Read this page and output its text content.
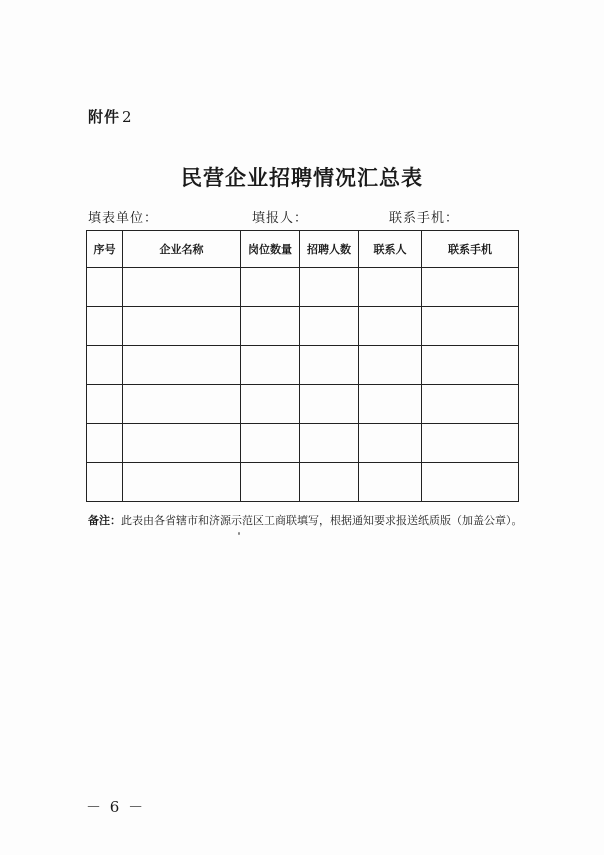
附件 2
民营企业招聘情况汇总表
填表单位：	填报人：	联系手机：
序号	企业名称	岗位数量	招聘人数	联系人	联系手机

备注：此表由各省辖市和济源示范区工商联填写，根据通知要求报送纸质版（加盖公章）。
－ 6 －
